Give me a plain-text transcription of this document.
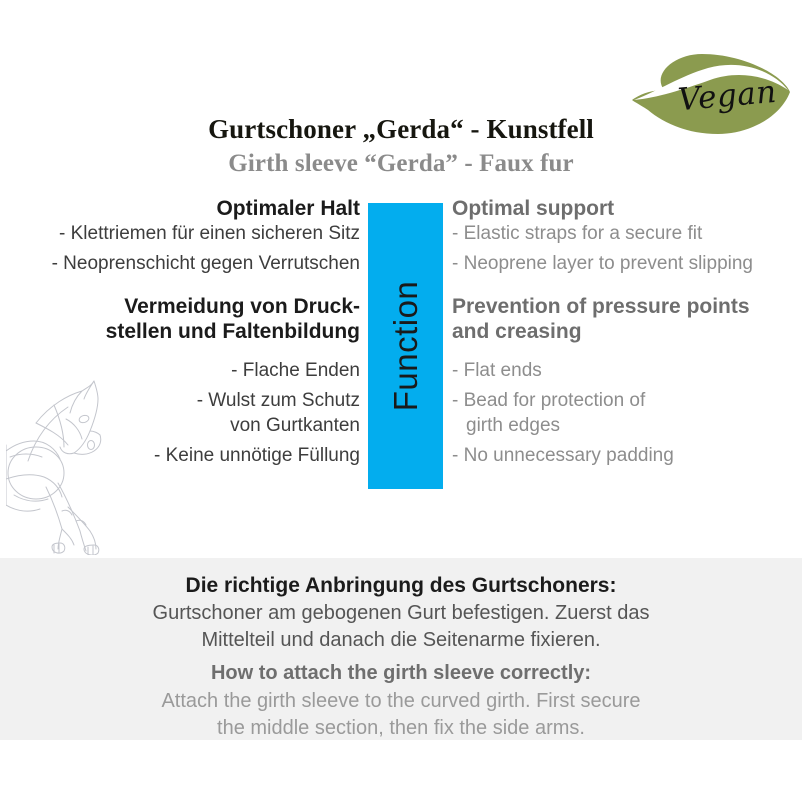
Vegan
Gurtschoner „Gerda“ - Kunstfell
Girth sleeve “Gerda” - Faux fur

Optimaler Halt

- Klettriemen für einen sicheren Sitz

- Neoprenschicht gegen Verrutschen

Vermeidung von Druck-

stellen und Faltenbildung

- Flache Enden

- Wulst zum Schutz

von Gurtkanten

- Keine unnötige Füllung

Optimal support

- Elastic straps for a secure fit

- Neoprene layer to prevent slipping

Prevention of pressure points

and creasing

- Flat ends

- Bead for protection of

girth edges

- No unnecessary padding

Function
Die richtige Anbringung des Gurtschoners:
Gurtschoner am gebogenen Gurt befestigen. Zuerst das
Mittelteil und danach die Seitenarme fixieren.
How to attach the girth sleeve correctly:
Attach the girth sleeve to the curved girth. First secure
the middle section, then fix the side arms.
